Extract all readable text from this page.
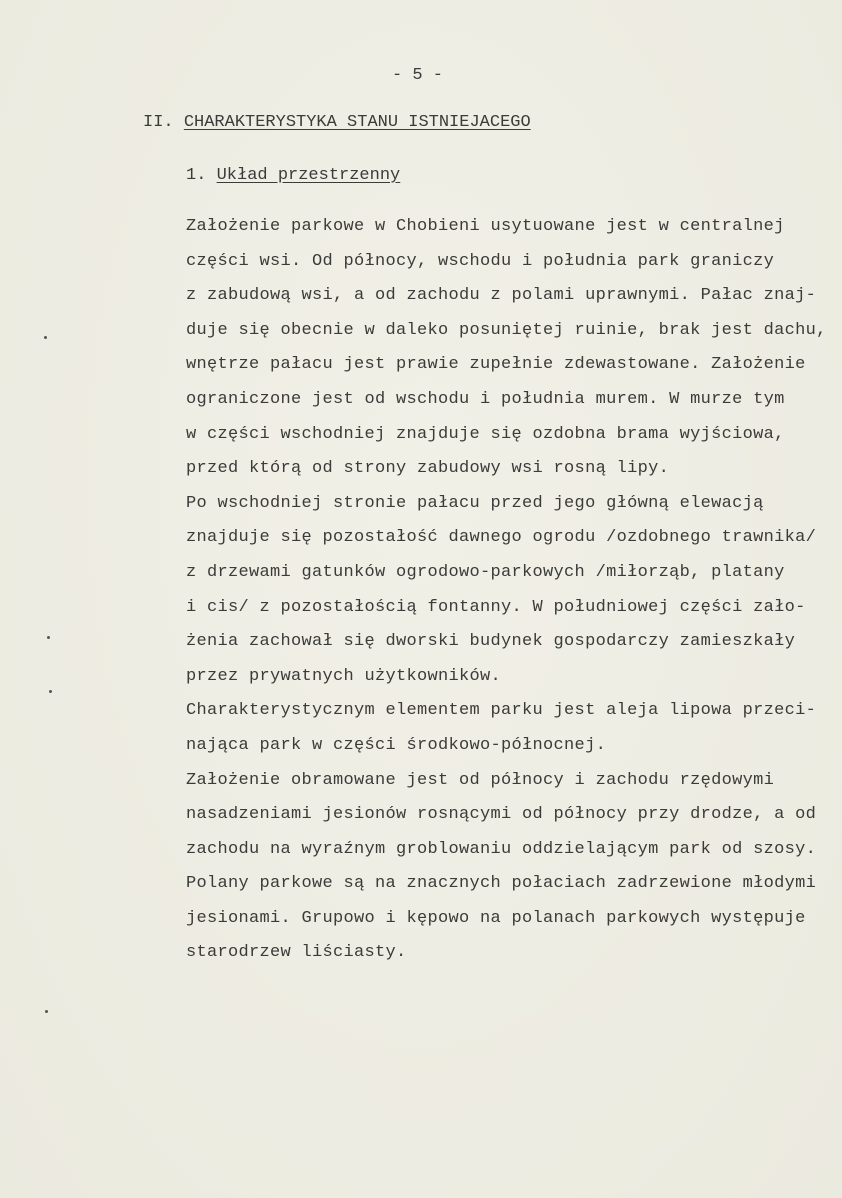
- 5 -
II. CHARAKTERYSTYKA STANU ISTNIEJACEGO
1. Układ przestrzenny
Założenie parkowe w Chobieni usytuowane jest w centralnej
części wsi. Od północy, wschodu i południa park graniczy
z zabudową wsi, a od zachodu z polami uprawnymi. Pałac znaj-
duje się obecnie w daleko posuniętej ruinie, brak jest dachu,
wnętrze pałacu jest prawie zupełnie zdewastowane. Założenie
ograniczone jest od wschodu i południa murem. W murze tym
w części wschodniej znajduje się ozdobna brama wyjściowa,
przed którą od strony zabudowy wsi rosną lipy.
Po wschodniej stronie pałacu przed jego główną elewacją
znajduje się pozostałość dawnego ogrodu /ozdobnego trawnika/
z drzewami gatunków ogrodowo-parkowych /miłorząb, platany
i cis/ z pozostałością fontanny. W południowej części zało-
żenia zachował się dworski budynek gospodarczy zamieszkały
przez prywatnych użytkowników.
Charakterystycznym elementem parku jest aleja lipowa przeci-
nająca park w części środkowo-północnej.
Założenie obramowane jest od północy i zachodu rzędowymi
nasadzeniami jesionów rosnącymi od północy przy drodze, a od
zachodu na wyraźnym groblowaniu oddzielającym park od szosy.
Polany parkowe są na znacznych połaciach zadrzewione młodymi
jesionami. Grupowo i kępowo na polanach parkowych występuje
starodrzew liściasty.
